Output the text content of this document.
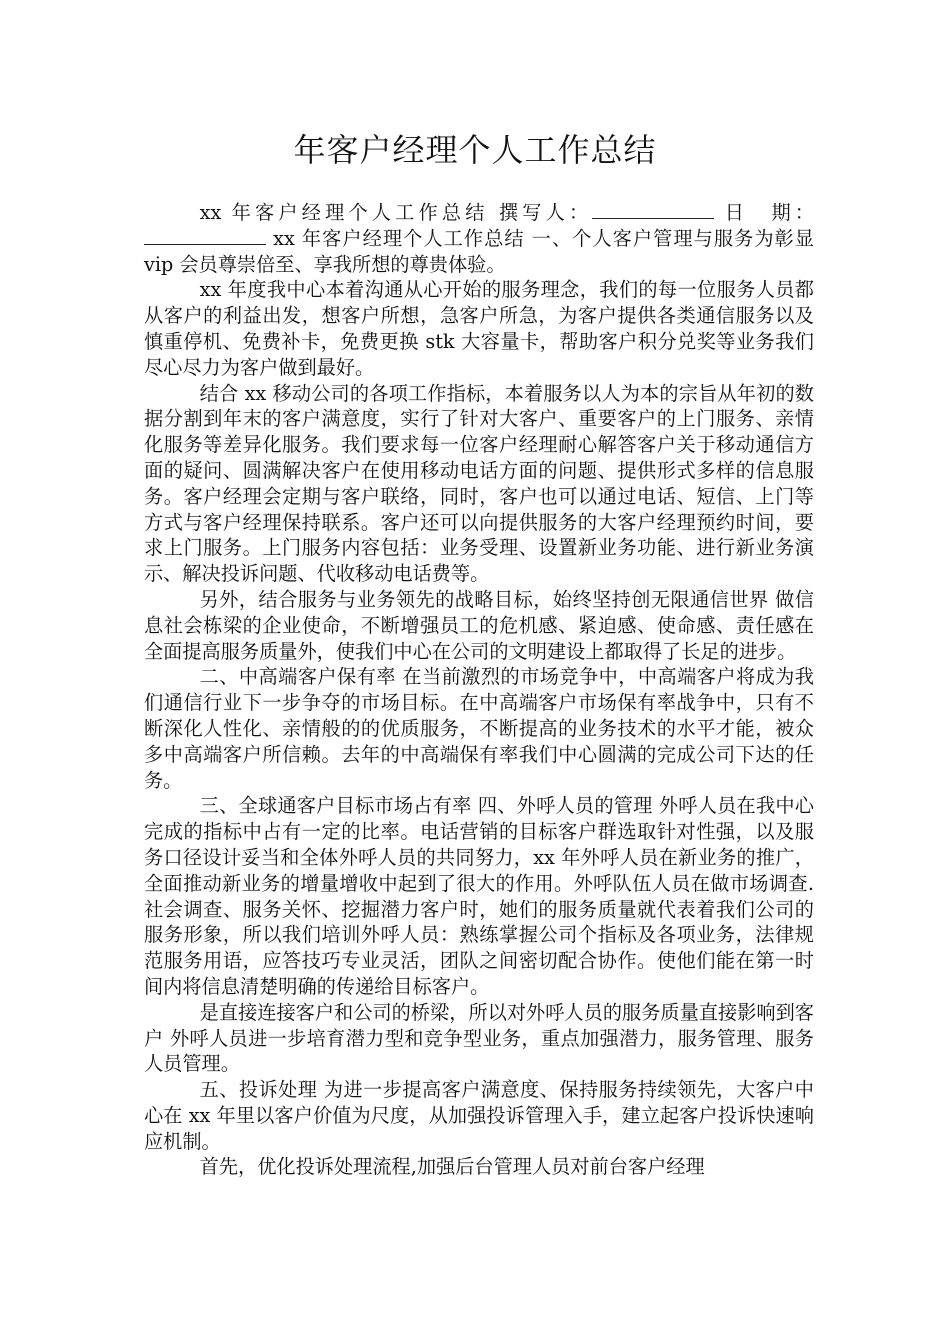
年客户经理个人工作总结

xx 年客户经理个人工作总结 撰写人：	日　期： xx 年客户经理个人工作总结 一、个人客户管理与服务为彰显 vip 会员尊崇倍至、享我所想的尊贵体验。

xx 年度我中心本着沟通从心开始的服务理念，我们的每一位服务人员都从客户的利益出发，想客户所想，急客户所急，为客户提供各类通信服务以及慎重停机、免费补卡，免费更换 stk 大容量卡，帮助客户积分兑奖等业务我们尽心尽力为客户做到最好。

结合 xx 移动公司的各项工作指标，本着服务以人为本的宗旨从年初的数据分割到年末的客户满意度，实行了针对大客户、重要客户的上门服务、亲情化服务等差异化服务。我们要求每一位客户经理耐心解答客户关于移动通信方面的疑问、圆满解决客户在使用移动电话方面的问题、提供形式多样的信息服务。客户经理会定期与客户联络，同时，客户也可以通过电话、短信、上门等方式与客户经理保持联系。客户还可以向提供服务的大客户经理预约时间，要求上门服务。上门服务内容包括：业务受理、设置新业务功能、进行新业务演示、解决投诉问题、代收移动电话费等。

另外，结合服务与业务领先的战略目标，始终坚持创无限通信世界 做信息社会栋梁的企业使命，不断增强员工的危机感、紧迫感、使命感、责任感在全面提高服务质量外，使我们中心在公司的文明建设上都取得了长足的进步。

二、中高端客户保有率 在当前激烈的市场竞争中，中高端客户将成为我们通信行业下一步争夺的市场目标。在中高端客户市场保有率战争中，只有不断深化人性化、亲情般的的优质服务，不断提高的业务技术的水平才能，被众多中高端客户所信赖。去年的中高端保有率我们中心圆满的完成公司下达的任务。

三、全球通客户目标市场占有率 四、外呼人员的管理 外呼人员在我中心完成的指标中占有一定的比率。电话营销的目标客户群选取针对性强，以及服务口径设计妥当和全体外呼人员的共同努力，xx 年外呼人员在新业务的推广，全面推动新业务的增量增收中起到了很大的作用。外呼队伍人员在做市场调查.社会调查、服务关怀、挖掘潜力客户时，她们的服务质量就代表着我们公司的服务形象，所以我们培训外呼人员：熟练掌握公司个指标及各项业务，法律规范服务用语，应答技巧专业灵活，团队之间密切配合协作。使他们能在第一时间内将信息清楚明确的传递给目标客户。

是直接连接客户和公司的桥梁，所以对外呼人员的服务质量直接影响到客户 外呼人员进一步培育潜力型和竞争型业务，重点加强潜力，服务管理、服务人员管理。

五、投诉处理 为进一步提高客户满意度、保持服务持续领先，大客户中心在 xx 年里以客户价值为尺度，从加强投诉管理入手，建立起客户投诉快速响应机制。

首先，优化投诉处理流程,加强后台管理人员对前台客户经理
